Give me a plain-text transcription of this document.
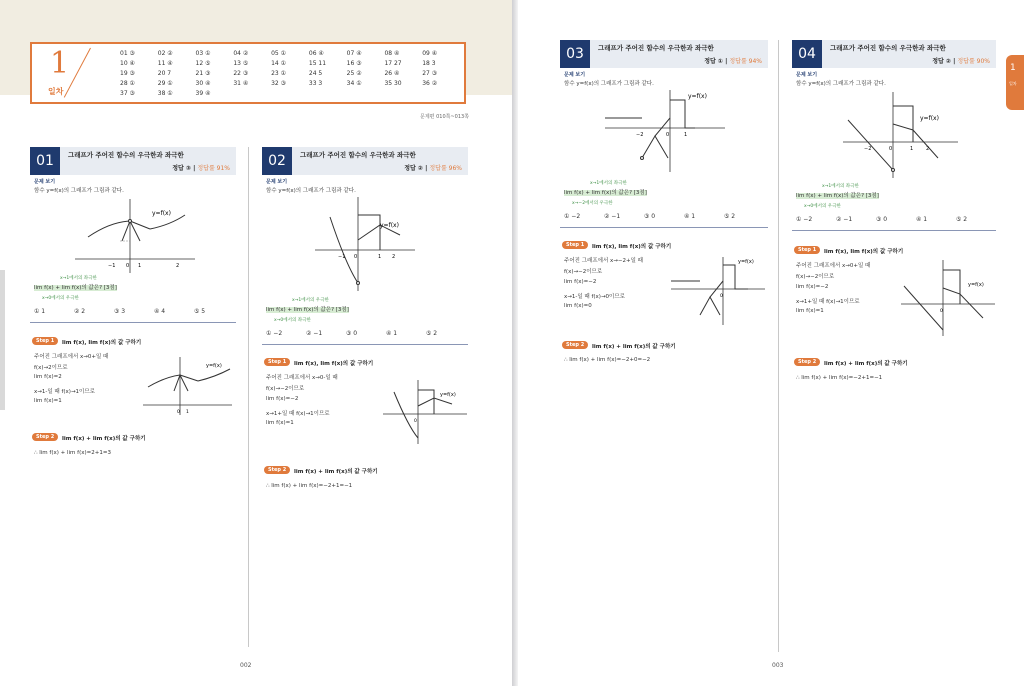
1
일차
01 ③	02 ②	03 ①	04 ②	05 ①	06 ④	07 ④	08 ④	09 ④
10 ④	11 ④	12 ⑤	13 ⑤	14 ①	15 11	16 ③	17 27	18 3
19 ③	20 7	21 ③	22 ③	23 ①	24 5	25 ②	26 ④	27 ③
28 ①	29 ①	30 ④	31 ④	32 ③	33 3	34 ①	35 30	36 ②
37 ③	38 ①	39 ④
문제편 010쪽~013쪽
01	그래프가 주어진 함수의 우극한과 좌극한
정답 ③ | 정답률 91%
문제 보기
함수 y=f(x)의 그래프가 그림과 같다.
y=f(x)
0 1	2
−1
x→1에서의 좌극한
lim f(x) + lim f(x)의 값은? [3점]
x→0에서의 우극한
① 1	② 2	③ 3	④ 4	⑤ 5
Step 1	lim f(x), lim f(x)의 값 구하기
주어진 그래프에서 x→0+일 때
f(x)→2이므로
lim f(x)=2
x→1-일 때 f(x)→1이므로
lim f(x)=1
y=f(x)
0 1
Step 2	lim f(x) + lim f(x)의 값 구하기
∴ lim f(x) + lim f(x)=2+1=3
02	그래프가 주어진 함수의 우극한과 좌극한
정답 ② | 정답률 96%
문제 보기
함수 y=f(x)의 그래프가 그림과 같다.
y=f(x)
0	1 2
−1
x→1에서의 우극한
lim f(x) + lim f(x)의 값은? [3점]
x→0에서의 좌극한
① −2	② −1	③ 0	④ 1	⑤ 2
Step 1	lim f(x), lim f(x)의 값 구하기
주어진 그래프에서 x→0-일 때
f(x)→−2이므로
lim f(x)=−2
x→1+일 때 f(x)→1이므로
lim f(x)=1
y=f(x)
0
Step 2	lim f(x) + lim f(x)의 값 구하기
∴ lim f(x) + lim f(x)=−2+1=−1
002
1
일차
03	그래프가 주어진 함수의 우극한과 좌극한
정답 ① | 정답률 94%
문제 보기
함수 y=f(x)의 그래프가 그림과 같다.
y=f(x)
0	1
−2
x→1에서의 좌극한
lim f(x) + lim f(x)의 값은? [3점]
x→−2에서의 우극한
① −2	② −1	③ 0	④ 1	⑤ 2
Step 1	lim f(x), lim f(x)의 값 구하기
주어진 그래프에서 x→−2+일 때
f(x)→−2이므로
lim f(x)=−2
x→1-일 때 f(x)→0이므로
lim f(x)=0
y=f(x)
0
Step 2	lim f(x) + lim f(x)의 값 구하기
∴ lim f(x) + lim f(x)=−2+0=−2
04	그래프가 주어진 함수의 우극한과 좌극한
정답 ② | 정답률 90%
문제 보기
함수 y=f(x)의 그래프가 그림과 같다.
y=f(x)
0	1	2
−2
x→1에서의 좌극한
lim f(x) + lim f(x)의 값은? [3점]
x→0에서의 우극한
① −2	② −1	③ 0	④ 1	⑤ 2
Step 1	lim f(x), lim f(x)의 값 구하기
주어진 그래프에서 x→0+일 때
f(x)→−2이므로
lim f(x)=−2
x→1+일 때 f(x)→1이므로
lim f(x)=1
y=f(x)
0
Step 2	lim f(x) + lim f(x)의 값 구하기
∴ lim f(x) + lim f(x)=−2+1=−1
003
